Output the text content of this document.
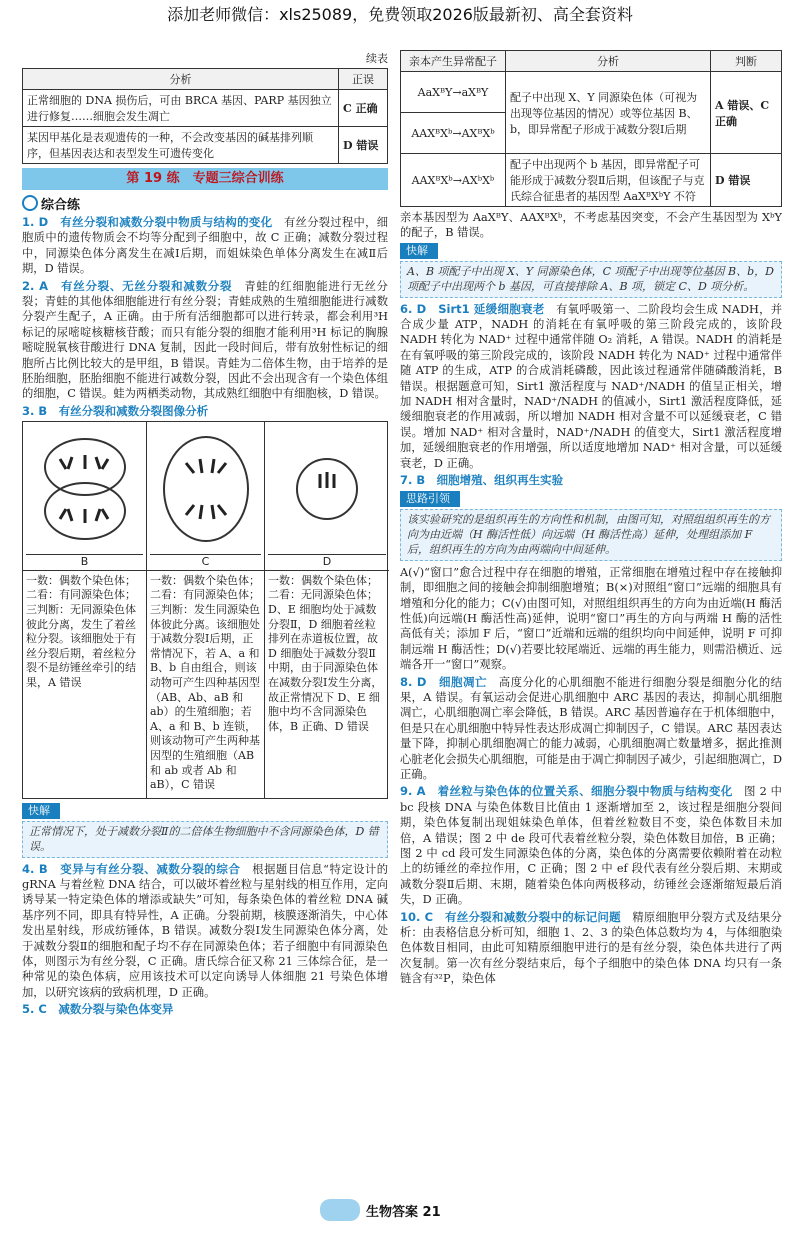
添加老师微信：xls25089，免费领取2026版最新初、高全套资料
续表
分析	正误
正常细胞的 DNA 损伤后，可由 BRCA 基因、PARP 基因独立进行修复……细胞会发生凋亡	C 正确
某因甲基化是表观遗传的一种，不会改变基因的碱基排列顺序，但基因表达和表型发生可遗传变化	D 错误
第 19 练　专题三综合训练
综合练

1. D　有丝分裂和减数分裂中物质与结构的变化　 有丝分裂过程中，细胞质中的遗传物质会不均等分配到子细胞中，故 C 正确；减数分裂过程中，同源染色体分离发生在减Ⅰ后期，而姐妹染色单体分离发生在减Ⅱ后期，D 错误。

2. A　有丝分裂、无丝分裂和减数分裂　 青蛙的红细胞能进行无丝分裂；青蛙的其他体细胞能进行有丝分裂；青蛙成熟的生殖细胞能进行减数分裂产生配子，A 正确。由于所有活细胞都可以进行转录，都会利用³H 标记的尿嘧啶核糖核苷酸；而只有能分裂的细胞才能利用³H 标记的胸腺嘧啶脱氧核苷酸进行 DNA 复制，因此一段时间后，带有放射性标记的细胞所占比例比较大的是甲组，B 错误。青蛙为二倍体生物，由于培养的是胚胎细胞，胚胎细胞不能进行减数分裂，因此不会出现含有一个染色体组的细胞，C 错误。蛙为两栖类动物，其成熟红细胞中有细胞核，D 错误。

3. B　有丝分裂和减数分裂图像分析

B
一数：偶数个染色体；
二看：有同源染色体；
三判断：无同源染色体彼此分离，发生了着丝粒分裂。该细胞处于有丝分裂后期，着丝粒分裂不是纺锤丝牵引的结果，A 错误
C
一数：偶数个染色体；
二看：有同源染色体；
三判断：发生同源染色体彼此分离。该细胞处于减数分裂Ⅰ后期，正常情况下，若 A、a 和 B、b 自由组合，则该动物可产生四种基因型（AB、Ab、aB 和 ab）的生殖细胞；若 A、a 和 B、b 连锁，则该动物可产生两种基因型的生殖细胞（AB 和 ab 或者 Ab 和 aB），C 错误
D
一数：偶数个染色体；
二看：无同源染色体；
D、E 细胞均处于减数分裂Ⅱ，D 细胞着丝粒排列在赤道板位置，故 D 细胞处于减数分裂Ⅱ中期，由于同源染色体在减数分裂Ⅰ发生分离，故正常情况下 D、E 细胞中均不含同源染色体，B 正确、D 错误
快解
正常情况下，处于减数分裂Ⅱ的二倍体生物细胞中不含同源染色体，D 错误。

4. B　变异与有丝分裂、减数分裂的综合　 根据题目信息“特定设计的 gRNA 与着丝粒 DNA 结合，可以破坏着丝粒与星射线的相互作用，定向诱导某一特定染色体的增添或缺失”可知，每条染色体的着丝粒 DNA 碱基序列不同，即具有特异性，A 正确。分裂前期，核膜逐渐消失，中心体发出星射线，形成纺锤体，B 错误。减数分裂Ⅰ发生同源染色体分离，处于减数分裂Ⅱ的细胞和配子均不存在同源染色体；若子细胞中有同源染色体，则图示为有丝分裂，C 正确。唐氏综合征又称 21 三体综合征，是一种常见的染色体病，应用该技术可以定向诱导人体细胞 21 号染色体增加，以研究该病的致病机理，D 正确。

5. C　减数分裂与染色体变异

亲本产生异常配子	分析	判断
AaXᴮY→aXᴮY	配子中出现 X、Y 同源染色体（可视为出现等位基因的情况）或等位基因 B、b，即异常配子形成于减数分裂Ⅰ后期	A 错误、C 正确
AAXᴮXᵇ→AXᴮXᵇ		
AAXᴮXᵇ→AXᵇXᵇ	配子中出现两个 b 基因，即异常配子可能形成于减数分裂Ⅱ后期，但该配子与克氏综合征患者的基因型 AaXᴮXᵇY 不符	D 错误

亲本基因型为 AaXᴮY、AAXᴮXᵇ，不考虑基因突变，不会产生基因型为 XᵇY 的配子，B 错误。

快解
A、B 项配子中出现 X、Y 同源染色体，C 项配子中出现等位基因 B、b，D 项配子中出现两个 b 基因，可直接排除 A、B 项，锁定 C、D 项分析。

6. D　Sirt1 延缓细胞衰老　 有氧呼吸第一、二阶段均会生成 NADH，并合成少量 ATP，NADH 的消耗在有氧呼吸的第三阶段完成的，该阶段 NADH 转化为 NAD⁺ 过程中通常伴随 O₂ 消耗，A 错误。NADH 的消耗是在有氧呼吸的第三阶段完成的，该阶段 NADH 转化为 NAD⁺ 过程中通常伴随 ATP 的生成，ATP 的合成消耗磷酸，因此该过程通常伴随磷酸消耗，B 错误。根据题意可知，Sirt1 激活程度与 NAD⁺/NADH 的值呈正相关，增加 NADH 相对含量时，NAD⁺/NADH 的值减小，Sirt1 激活程度降低，延缓细胞衰老的作用减弱，所以增加 NADH 相对含量不可以延缓衰老，C 错误。增加 NAD⁺ 相对含量时，NAD⁺/NADH 的值变大，Sirt1 激活程度增加，延缓细胞衰老的作用增强，所以适度地增加 NAD⁺ 相对含量，可以延缓衰老，D 正确。

7. B　细胞增殖、组织再生实验

思路引领
该实验研究的是组织再生的方向性和机制，由图可知，对照组组织再生的方向为由近端（H 酶活性低）向远端（H 酶活性高）延伸，处理组添加 F 后，组织再生的方向为由两端向中间延伸。

A(√)“窗口”愈合过程中存在细胞的增殖，正常细胞在增殖过程中存在接触抑制，即细胞之间的接触会抑制细胞增殖；B(×)对照组“窗口”远端的细胞具有增殖和分化的能力；C(√)由图可知，对照组组织再生的方向为由近端(H 酶活性低)向远端(H 酶活性高)延伸，说明“窗口”再生的方向与两端 H 酶的活性高低有关；添加 F 后，“窗口”近端和远端的组织均向中间延伸，说明 F 可抑制远端 H 酶活性；D(√)若要比较尾端近、远端的再生能力，则需沿横近、远端各开一“窗口”观察。

8. D　细胞凋亡　 高度分化的心肌细胞不能进行细胞分裂是细胞分化的结果，A 错误。有氧运动会促进心肌细胞中 ARC 基因的表达，抑制心肌细胞凋亡，心肌细胞凋亡率会降低，B 错误。ARC 基因普遍存在于机体细胞中，但是只在心肌细胞中特异性表达形成凋亡抑制因子，C 错误。ARC 基因表达量下降，抑制心肌细胞凋亡的能力减弱，心肌细胞凋亡数量增多，据此推测心脏老化会损失心肌细胞，可能是由于凋亡抑制因子减少，引起细胞凋亡，D 正确。

9. A　着丝粒与染色体的位置关系、细胞分裂中物质与结构变化　 图 2 中 bc 段核 DNA 与染色体数目比值由 1 逐渐增加至 2，该过程是细胞分裂间期，染色体复制出现姐妹染色单体，但着丝粒数目不变，染色体数目未加倍，A 错误；图 2 中 de 段可代表着丝粒分裂，染色体数目加倍，B 正确；图 2 中 cd 段可发生同源染色体的分离，染色体的分离需要依赖附着在动粒上的纺锤丝的牵拉作用，C 正确；图 2 中 ef 段代表有丝分裂后期、末期或减数分裂Ⅱ后期、末期，随着染色体向两极移动，纺锤丝会逐渐缩短最后消失，D 正确。

10. C　有丝分裂和减数分裂中的标记问题　 精原细胞甲分裂方式及结果分析：由表格信息分析可知，细胞 1、2、3 的染色体总数均为 4，与体细胞染色体数目相同，由此可知精原细胞甲进行的是有丝分裂，染色体共进行了两次复制。第一次有丝分裂结束后，每个子细胞中的染色体 DNA 均只有一条链含有³²P，染色体

生物答案 21
